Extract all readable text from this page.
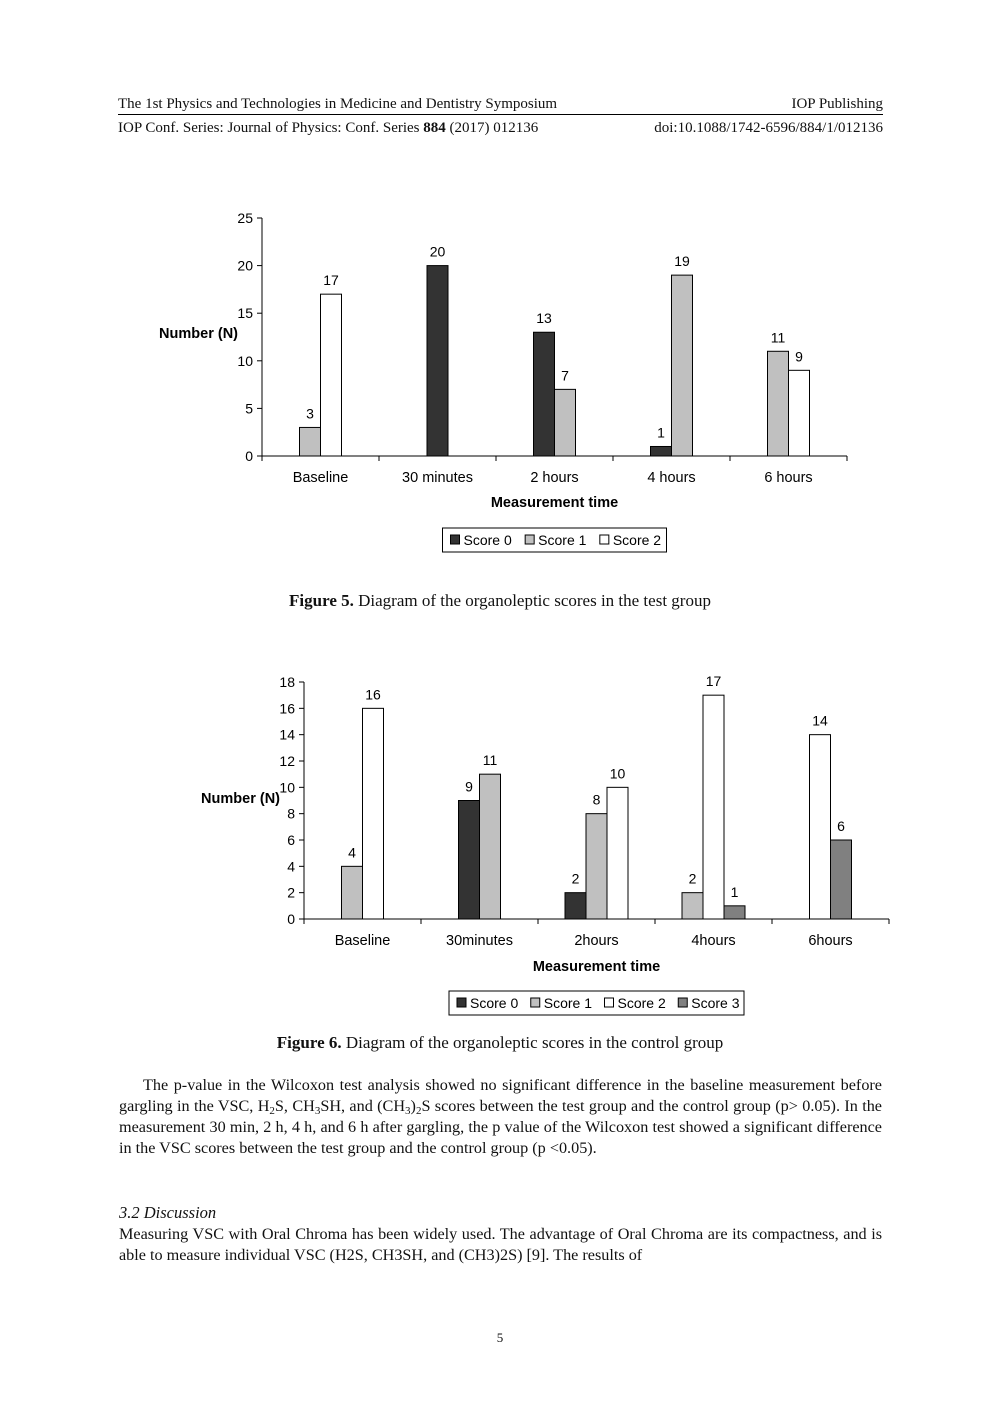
The 1st Physics and Technologies in Medicine and Dentistry Symposium	IOP Publishing
IOP Conf. Series: Journal of Physics: Conf. Series 884 (2017) 012136	doi:10.1088/1742-6596/884/1/012136
0
5
10
15
20
25
Baseline	30 minutes	2 hours	4 hours	6 hours
3
17
20
13
7
1
19
11
9
Number (N)
Measurement time
Score 0 Score 1 Score 2
Figure 5. Diagram of the organoleptic scores in the test group
0
2
4
6
8
10
12
14
16
18
Baseline	30minutes	2hours	4hours	6hours
4
16
9
11
2
8
10
2
17
1
14
6
Number (N)
Measurement time
Score 0 Score 1 Score 2 Score 3
Figure 6. Diagram of the organoleptic scores in the control group
The p-value in the Wilcoxon test analysis showed no significant difference in the baseline measurement before gargling in the VSC, $H_2S$, $CH_3SH$, and $(CH_3)_2S$ scores between the test group and the control group (p> 0.05). In the measurement 30 min, 2 h, 4 h, and 6 h after gargling, the p value of the Wilcoxon test showed a significant difference in the VSC scores between the test group and the control group (p <0.05).
3.2 Discussion
Measuring VSC with Oral Chroma has been widely used. The advantage of Oral Chroma are its compactness, and is able to measure individual VSC (H2S, CH3SH, and (CH3)2S) [9]. The results of
5
